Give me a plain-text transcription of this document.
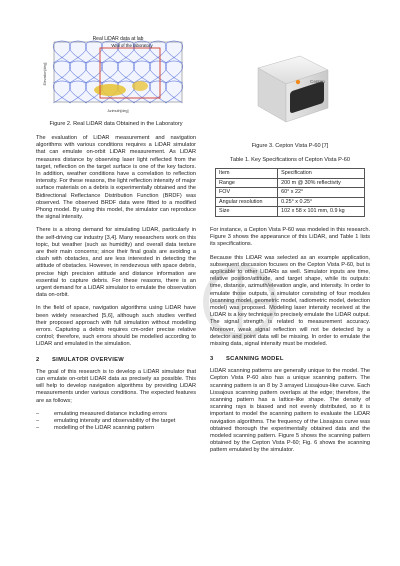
Real LiDAR data at lab
Wall of the laboratory
Azimuth[deg]
Elevation[deg]
Figure 2. Real LiDAR data Obtained in the Laboratory

The evaluation of LiDAR measurement and navigation algorithms with various conditions requires a LiDAR simulator that can emulate on-orbit LiDAR measurement. As LiDAR measures distance by observing laser light reflected from the target, reflection on the target surface is one of the key factors. In addition, weather conditions have a correlation to reflection intensity. For these reasons, the light reflection intensity of major surface materials on a debris is experimentally obtained and the Bidirectional Reflectance Distribution Function (BRDF) was observed. The observed BRDF data were fitted to a modified Phong model. By using this model, the simulator can reproduce the signal intensity.

There is a strong demand for simulating LiDAR, particularly in the self-driving car industry [3,4]. Many researchers work on this topic, but weather (such as humidity) and overall data texture are their main concerns; since their final goals are avoiding a clash with obstacles, and are less interested in detecting the attitude of obstacles. However, in rendezvous with space debris, precise high precision attitude and distance information are essential to capture debris. For these reasons, there is an urgent demand for a LiDAR simulator to emulate the observation data on-orbit.

In the field of space, navigation algorithms using LiDAR have been widely researched [5,6], although such studies verified their proposed approach with full simulation without modelling errors. Capturing a debris requires cm-order precise relative control; therefore, such errors should be modelled according to LiDAR and emulated in the simulation.

2 SIMULATOR OVERVIEW

The goal of this research is to develop a LiDAR simulator that can emulate on-orbit LiDAR data as precisely as possible. This will help to develop navigation algorithms by providing LiDAR measurements under various conditions. The expected features are as follows;

– emulating measured distance including errors
– emulating intensity and observability of the target
– modelling of the LiDAR scanning pattern
Cepton
Figure 3. Cepton Vista P-60 [7]
Table 1. Key Specifications of Cepton Vista P-60
Item	Specification
Range	200 m @ 30% reflectivity
FOV	60° x 22°
Angular resolution	0.25° x 0.25°
Size	102 x 58 x 101 mm, 0.9 kg

For instance, a Cepton Vista P-60 was modeled in this research. Figure 3 shows the appearance of this LiDAR, and Table 1 lists its specifications.

Because this LiDAR was selected as an example application, subsequent discussion focuses on the Cepton Vista P-60, but is applicable to other LiDARs as well. Simulator inputs are time, relative position/attitude, and target shape, while its outputs: time, distance, azimuth/elevation angle, and intensity. In order to emulate those outputs, a simulator consisting of four modules (scanning model, geometric model, radiometric model, detection model) was proposed. Modeling laser intensity received at the LiDAR is a key technique to precisely emulate the LiDAR output. The signal strength is related to measurement accuracy. Moreover, weak signal reflection will not be detected by a detector and point data will be missing. In order to emulate the missing data, signal intensity must be modeled.

3 SCANNING MODEL

LiDAR scanning patterns are generally unique to the model. The Cepton Vista P-60 also has a unique scanning pattern. The scanning pattern is an 8 by 3 arrayed Lissajous-like curve. Each Lissajous scanning pattern overlaps at the edge; therefore, the scanning pattern has a lattice-like shape. The density of scanning rays is biased and not evenly distributed, so it is important to model the scanning pattern to evaluate the LiDAR navigation algorithms. The frequency of the Lissajous curve was obtained thorough the experimentally obtained data and the modeled scanning pattern. Figure 5 shows the scanning pattern obtained by the Cepton Vista P-60; Fig. 6 shows the scanning pattern emulated by the simulator.
